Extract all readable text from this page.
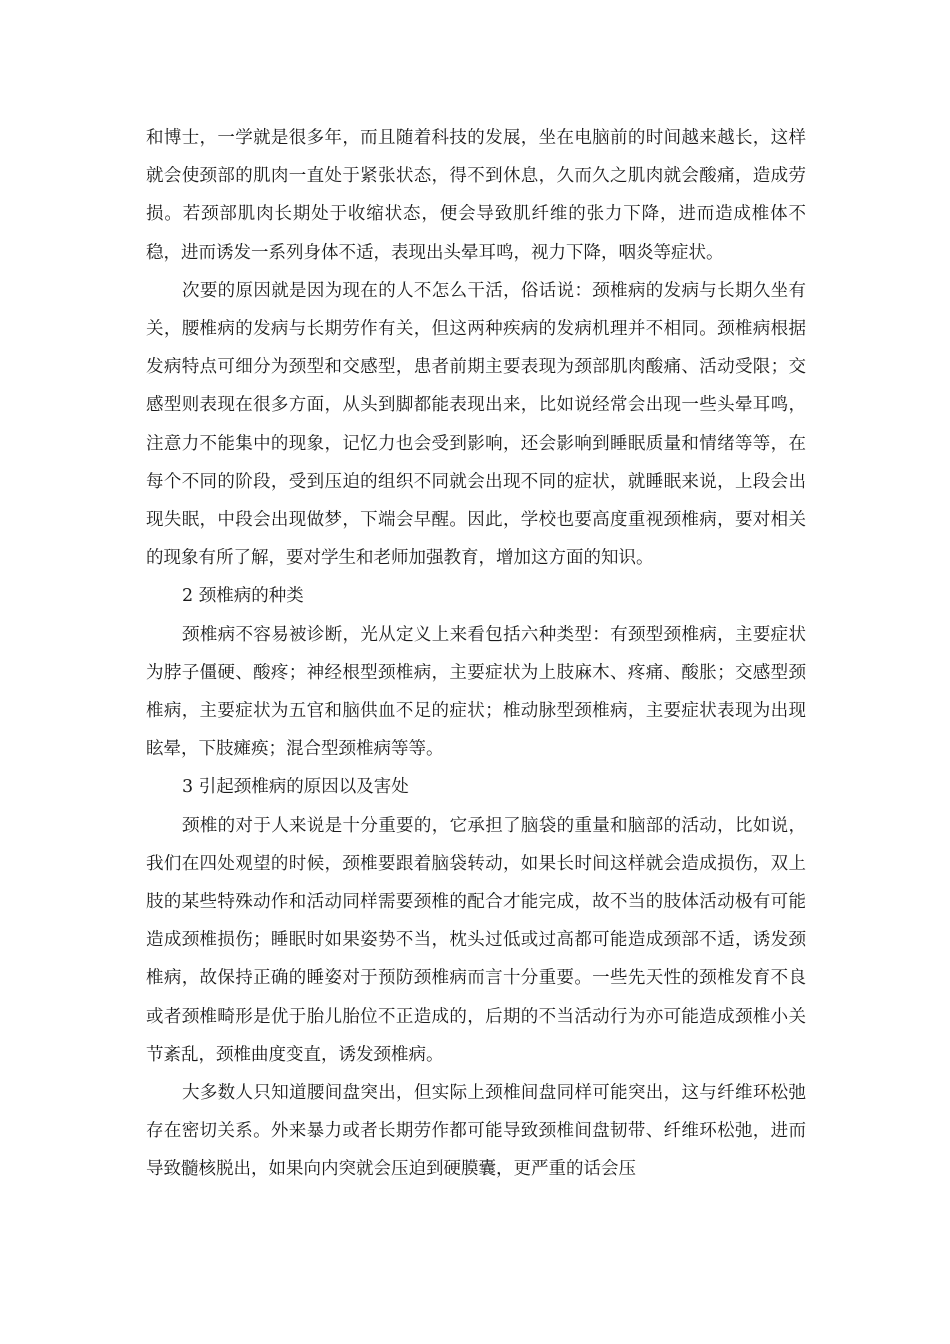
和博士，一学就是很多年，而且随着科技的发展，坐在电脑前的时间越来越长，这样就会使颈部的肌肉一直处于紧张状态，得不到休息，久而久之肌肉就会酸痛，造成劳损。若颈部肌肉长期处于收缩状态，便会导致肌纤维的张力下降，进而造成椎体不稳，进而诱发一系列身体不适，表现出头晕耳鸣，视力下降，咽炎等症状。

次要的原因就是因为现在的人不怎么干活，俗话说：颈椎病的发病与长期久坐有关，腰椎病的发病与长期劳作有关，但这两种疾病的发病机理并不相同。颈椎病根据发病特点可细分为颈型和交感型，患者前期主要表现为颈部肌肉酸痛、活动受限；交感型则表现在很多方面，从头到脚都能表现出来，比如说经常会出现一些头晕耳鸣，注意力不能集中的现象，记忆力也会受到影响，还会影响到睡眠质量和情绪等等，在每个不同的阶段，受到压迫的组织不同就会出现不同的症状，就睡眠来说，上段会出现失眠，中段会出现做梦，下端会早醒。因此，学校也要高度重视颈椎病，要对相关的现象有所了解，要对学生和老师加强教育，增加这方面的知识。

2 颈椎病的种类

颈椎病不容易被诊断，光从定义上来看包括六种类型：有颈型颈椎病，主要症状为脖子僵硬、酸疼；神经根型颈椎病，主要症状为上肢麻木、疼痛、酸胀；交感型颈椎病，主要症状为五官和脑供血不足的症状；椎动脉型颈椎病，主要症状表现为出现眩晕，下肢瘫痪；混合型颈椎病等等。

3 引起颈椎病的原因以及害处

颈椎的对于人来说是十分重要的，它承担了脑袋的重量和脑部的活动，比如说，我们在四处观望的时候，颈椎要跟着脑袋转动，如果长时间这样就会造成损伤，双上肢的某些特殊动作和活动同样需要颈椎的配合才能完成，故不当的肢体活动极有可能造成颈椎损伤；睡眠时如果姿势不当，枕头过低或过高都可能造成颈部不适，诱发颈椎病，故保持正确的睡姿对于预防颈椎病而言十分重要。一些先天性的颈椎发育不良或者颈椎畸形是优于胎儿胎位不正造成的，后期的不当活动行为亦可能造成颈椎小关节紊乱，颈椎曲度变直，诱发颈椎病。

大多数人只知道腰间盘突出，但实际上颈椎间盘同样可能突出，这与纤维环松弛存在密切关系。外来暴力或者长期劳作都可能导致颈椎间盘韧带、纤维环松弛，进而导致髓核脱出，如果向内突就会压迫到硬膜囊，更严重的话会压
